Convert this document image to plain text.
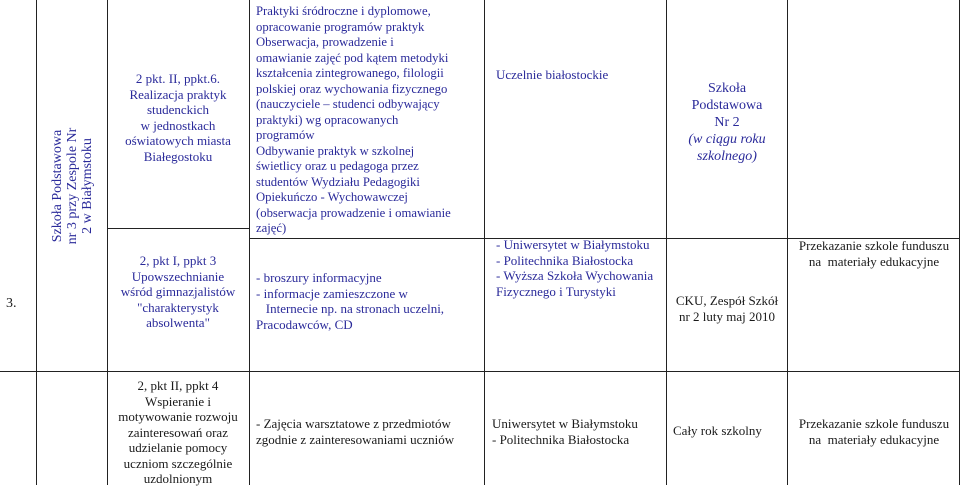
3.
Szkoła Podstawowa nr 3 przy Zespole Nr 2 w Białymstoku
2 pkt. II, ppkt.6.
Realizacja praktyk
studenckich
w jednostkach
oświatowych miasta
Białegostoku
2, pkt I, ppkt 3
Upowszechnianie
wśród gimnazjalistów
"charakterystyk
absolwenta"
Praktyki śródroczne i dyplomowe,
opracowanie programów praktyk
Obserwacja, prowadzenie i
omawianie zajęć pod kątem metodyki
kształcenia zintegrowanego, filologii
polskiej oraz wychowania fizycznego
(nauczyciele – studenci odbywający
praktyki) wg opracowanych
programów
Odbywanie praktyk w szkolnej
świetlicy oraz u pedagoga przez
studentów Wydziału Pedagogiki
Opiekuńczo - Wychowawczej
(obserwacja prowadzenie i omawianie
zajęć)
- broszury informacyjne
- informacje zamieszczone w
Internecie np. na stronach uczelni,
Pracodawców, CD
Uczelnie białostockie
- Uniwersytet w Białymstoku
- Politechnika Białostocka
- Wyższa Szkoła Wychowania
Fizycznego i Turystyki
Szkoła
Podstawowa
Nr 2
(w ciągu roku
szkolnego)
CKU, Zespół Szkół
nr 2 luty maj 2010
Przekazanie szkole funduszu
na  materiały edukacyjne
2, pkt II, ppkt 4
Wspieranie i
motywowanie rozwoju
zainteresowań oraz
udzielanie pomocy
uczniom szczególnie
uzdolnionym
- Zajęcia warsztatowe z przedmiotów
zgodnie z zainteresowaniami uczniów
Uniwersytet w Białymstoku
- Politechnika Białostocka
Cały rok szkolny	Przekazanie szkole funduszu
na  materiały edukacyjne
